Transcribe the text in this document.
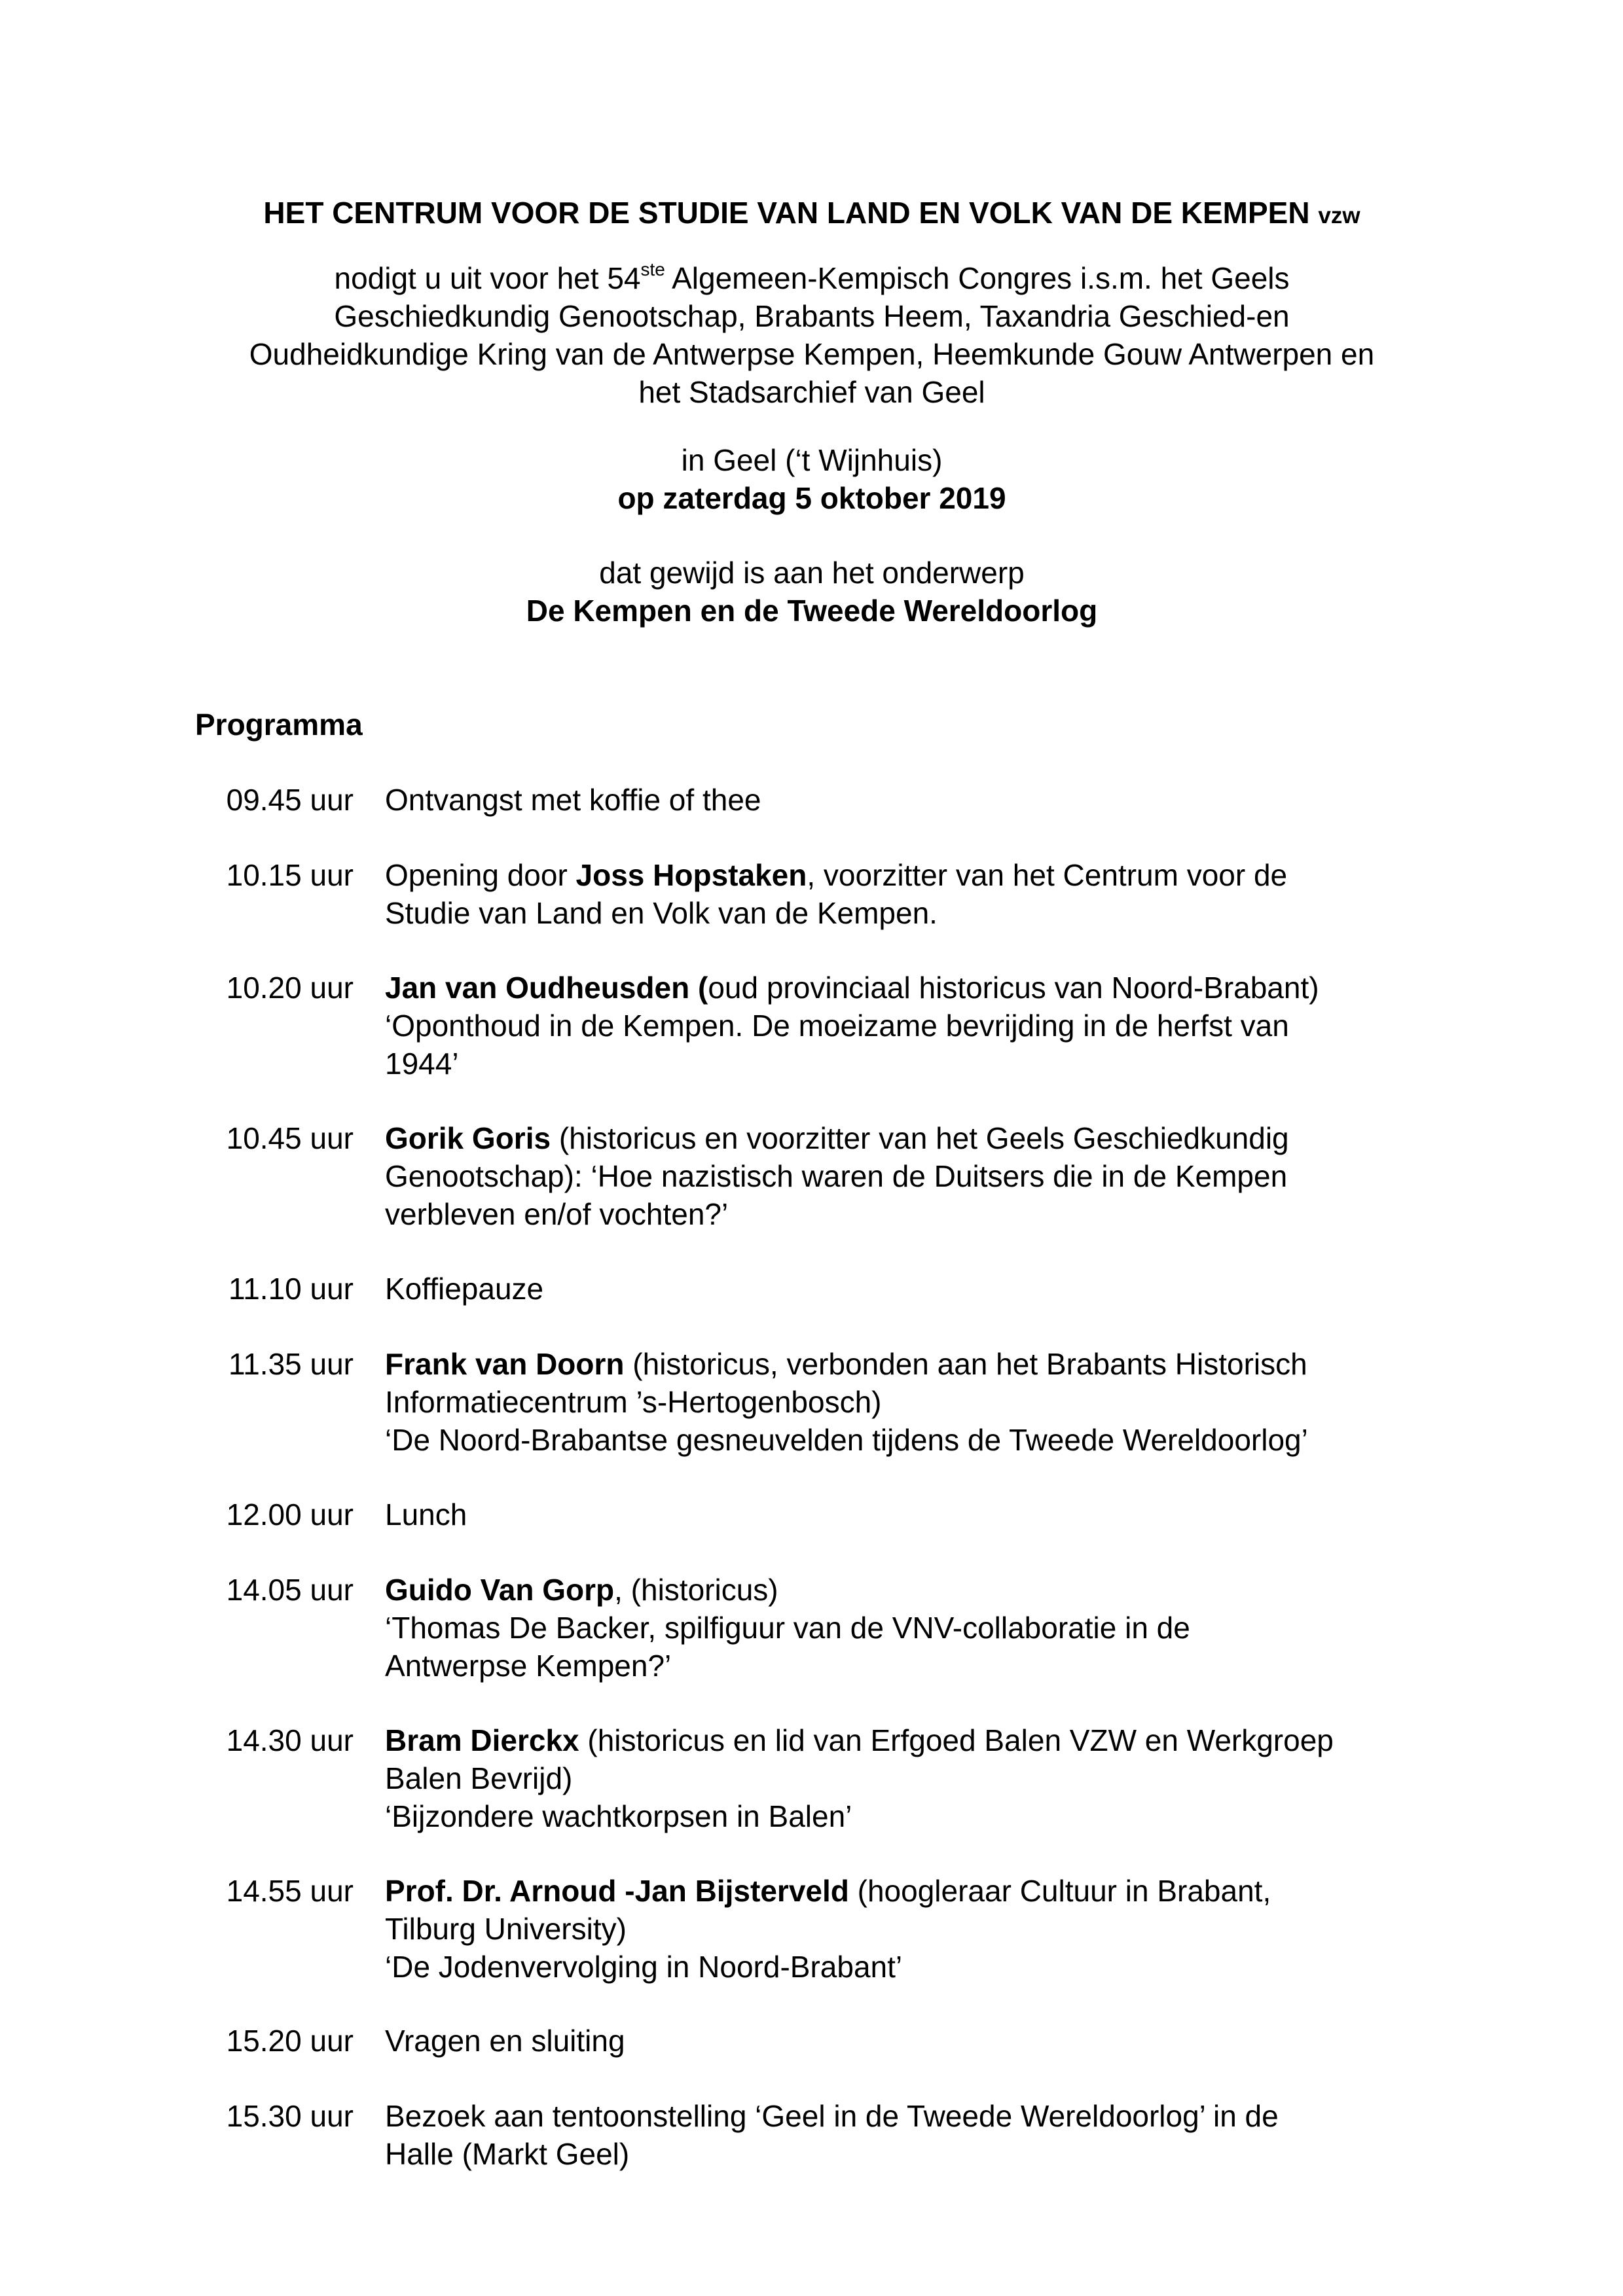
HET CENTRUM VOOR DE STUDIE VAN LAND EN VOLK VAN DE KEMPEN vzw
nodigt u uit voor het 54ste Algemeen-Kempisch Congres i.s.m. het Geels
Geschiedkundig Genootschap, Brabants Heem, Taxandria Geschied-en
Oudheidkundige Kring van de Antwerpse Kempen, Heemkunde Gouw Antwerpen en
het Stadsarchief van Geel
in Geel (‘t Wijnhuis)
op zaterdag 5 oktober 2019
dat gewijd is aan het onderwerp
De Kempen en de Tweede Wereldoorlog
Programma
09.45 uur Ontvangst met koffie of thee
10.15 uur Opening door Joss Hopstaken, voorzitter van het Centrum voor de
Studie van Land en Volk van de Kempen.
10.20 uur Jan van Oudheusden (oud provinciaal historicus van Noord-Brabant)
‘Oponthoud in de Kempen. De moeizame bevrijding in de herfst van
1944’
10.45 uur Gorik Goris (historicus en voorzitter van het Geels Geschiedkundig
Genootschap): ‘Hoe nazistisch waren de Duitsers die in de Kempen
verbleven en/of vochten?’
11.10 uur Koffiepauze
11.35 uur Frank van Doorn (historicus, verbonden aan het Brabants Historisch
Informatiecentrum ’s-Hertogenbosch)
‘De Noord-Brabantse gesneuvelden tijdens de Tweede Wereldoorlog’
12.00 uur Lunch
14.05 uur Guido Van Gorp, (historicus)
‘Thomas De Backer, spilfiguur van de VNV-collaboratie in de
Antwerpse Kempen?’
14.30 uur Bram Dierckx (historicus en lid van Erfgoed Balen VZW en Werkgroep
Balen Bevrijd)
‘Bijzondere wachtkorpsen in Balen’
14.55 uur Prof. Dr. Arnoud -Jan Bijsterveld (hoogleraar Cultuur in Brabant,
Tilburg University)
‘De Jodenvervolging in Noord-Brabant’
15.20 uur Vragen en sluiting
15.30 uur Bezoek aan tentoonstelling ‘Geel in de Tweede Wereldoorlog’ in de
Halle (Markt Geel)
